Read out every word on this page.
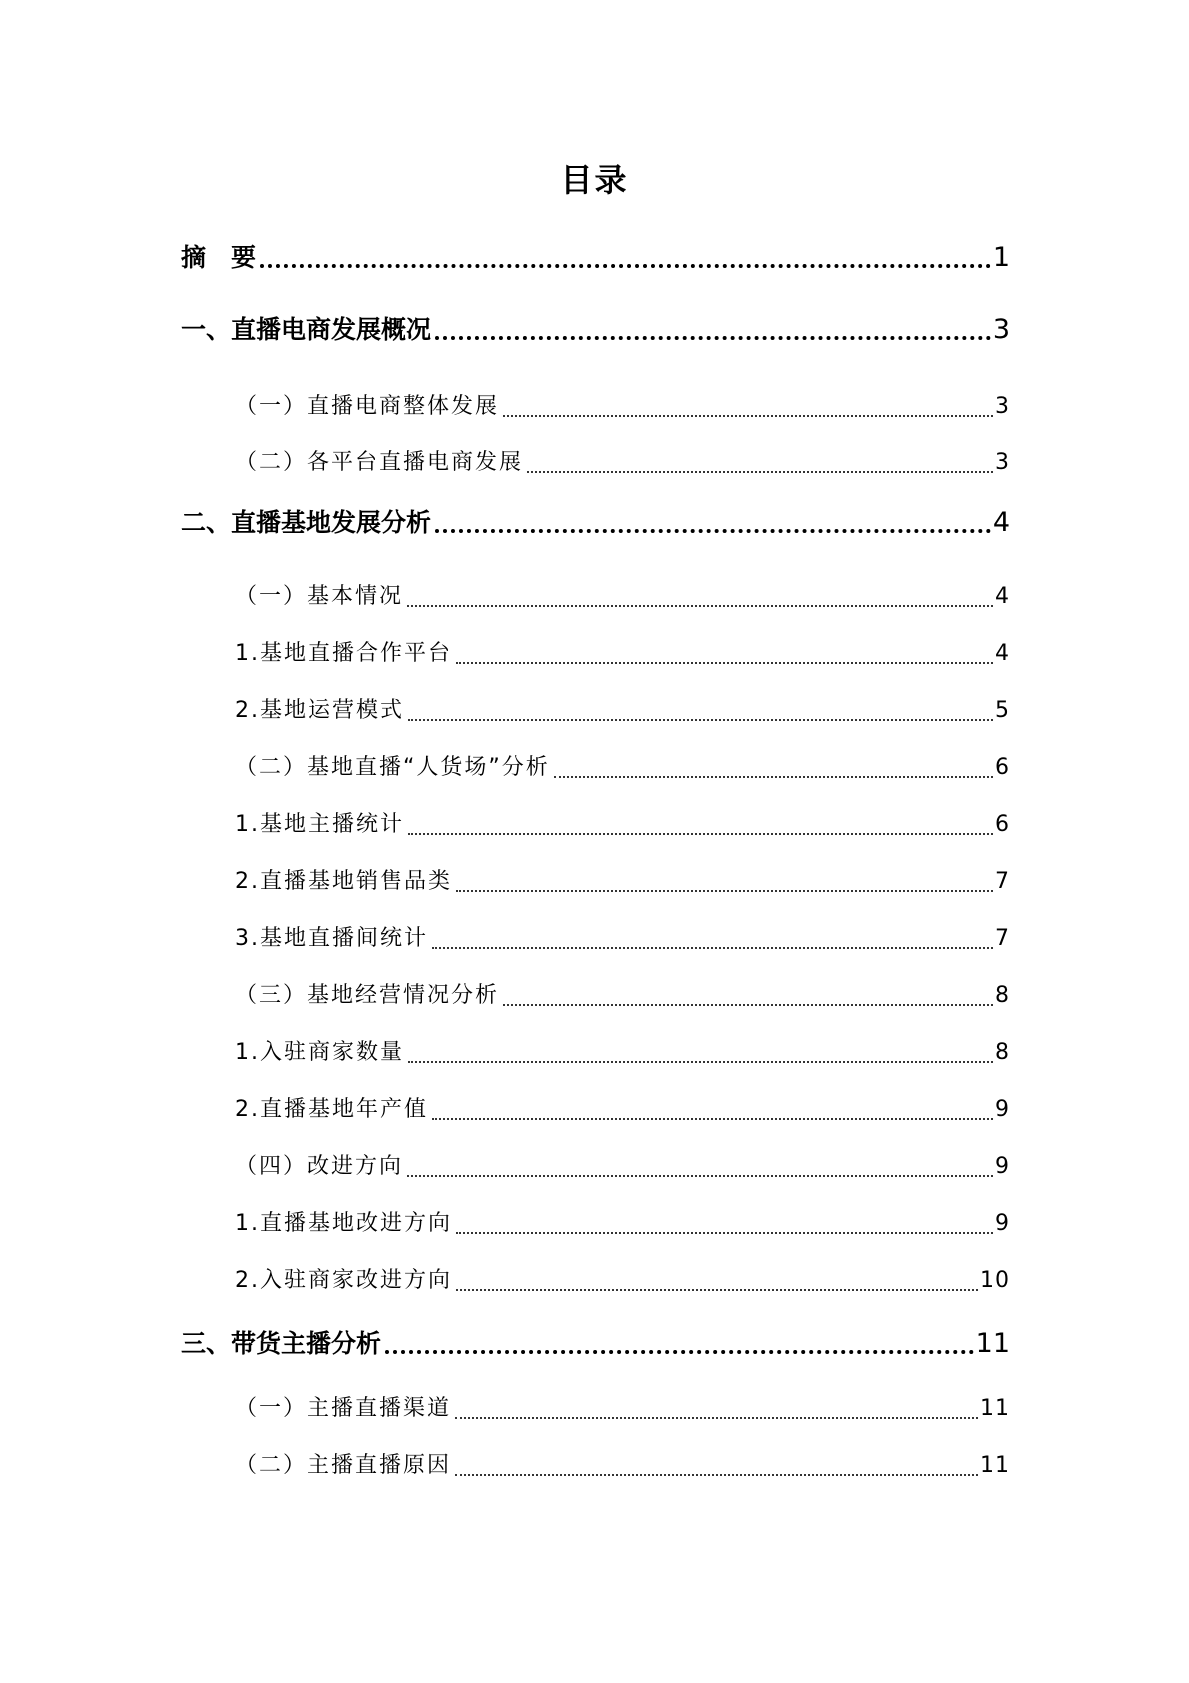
目录
摘　要	1
一、直播电商发展概况	3
（一）直播电商整体发展	3
（二）各平台直播电商发展	3
二、直播基地发展分析	4
（一）基本情况	4
1.基地直播合作平台	4
2.基地运营模式	5
（二）基地直播“人货场”分析	6
1.基地主播统计	6
2.直播基地销售品类	7
3.基地直播间统计	7
（三）基地经营情况分析	8
1.入驻商家数量	8
2.直播基地年产值	9
（四）改进方向	9
1.直播基地改进方向	9
2.入驻商家改进方向	10
三、带货主播分析	11
（一）主播直播渠道	11
（二）主播直播原因	11
